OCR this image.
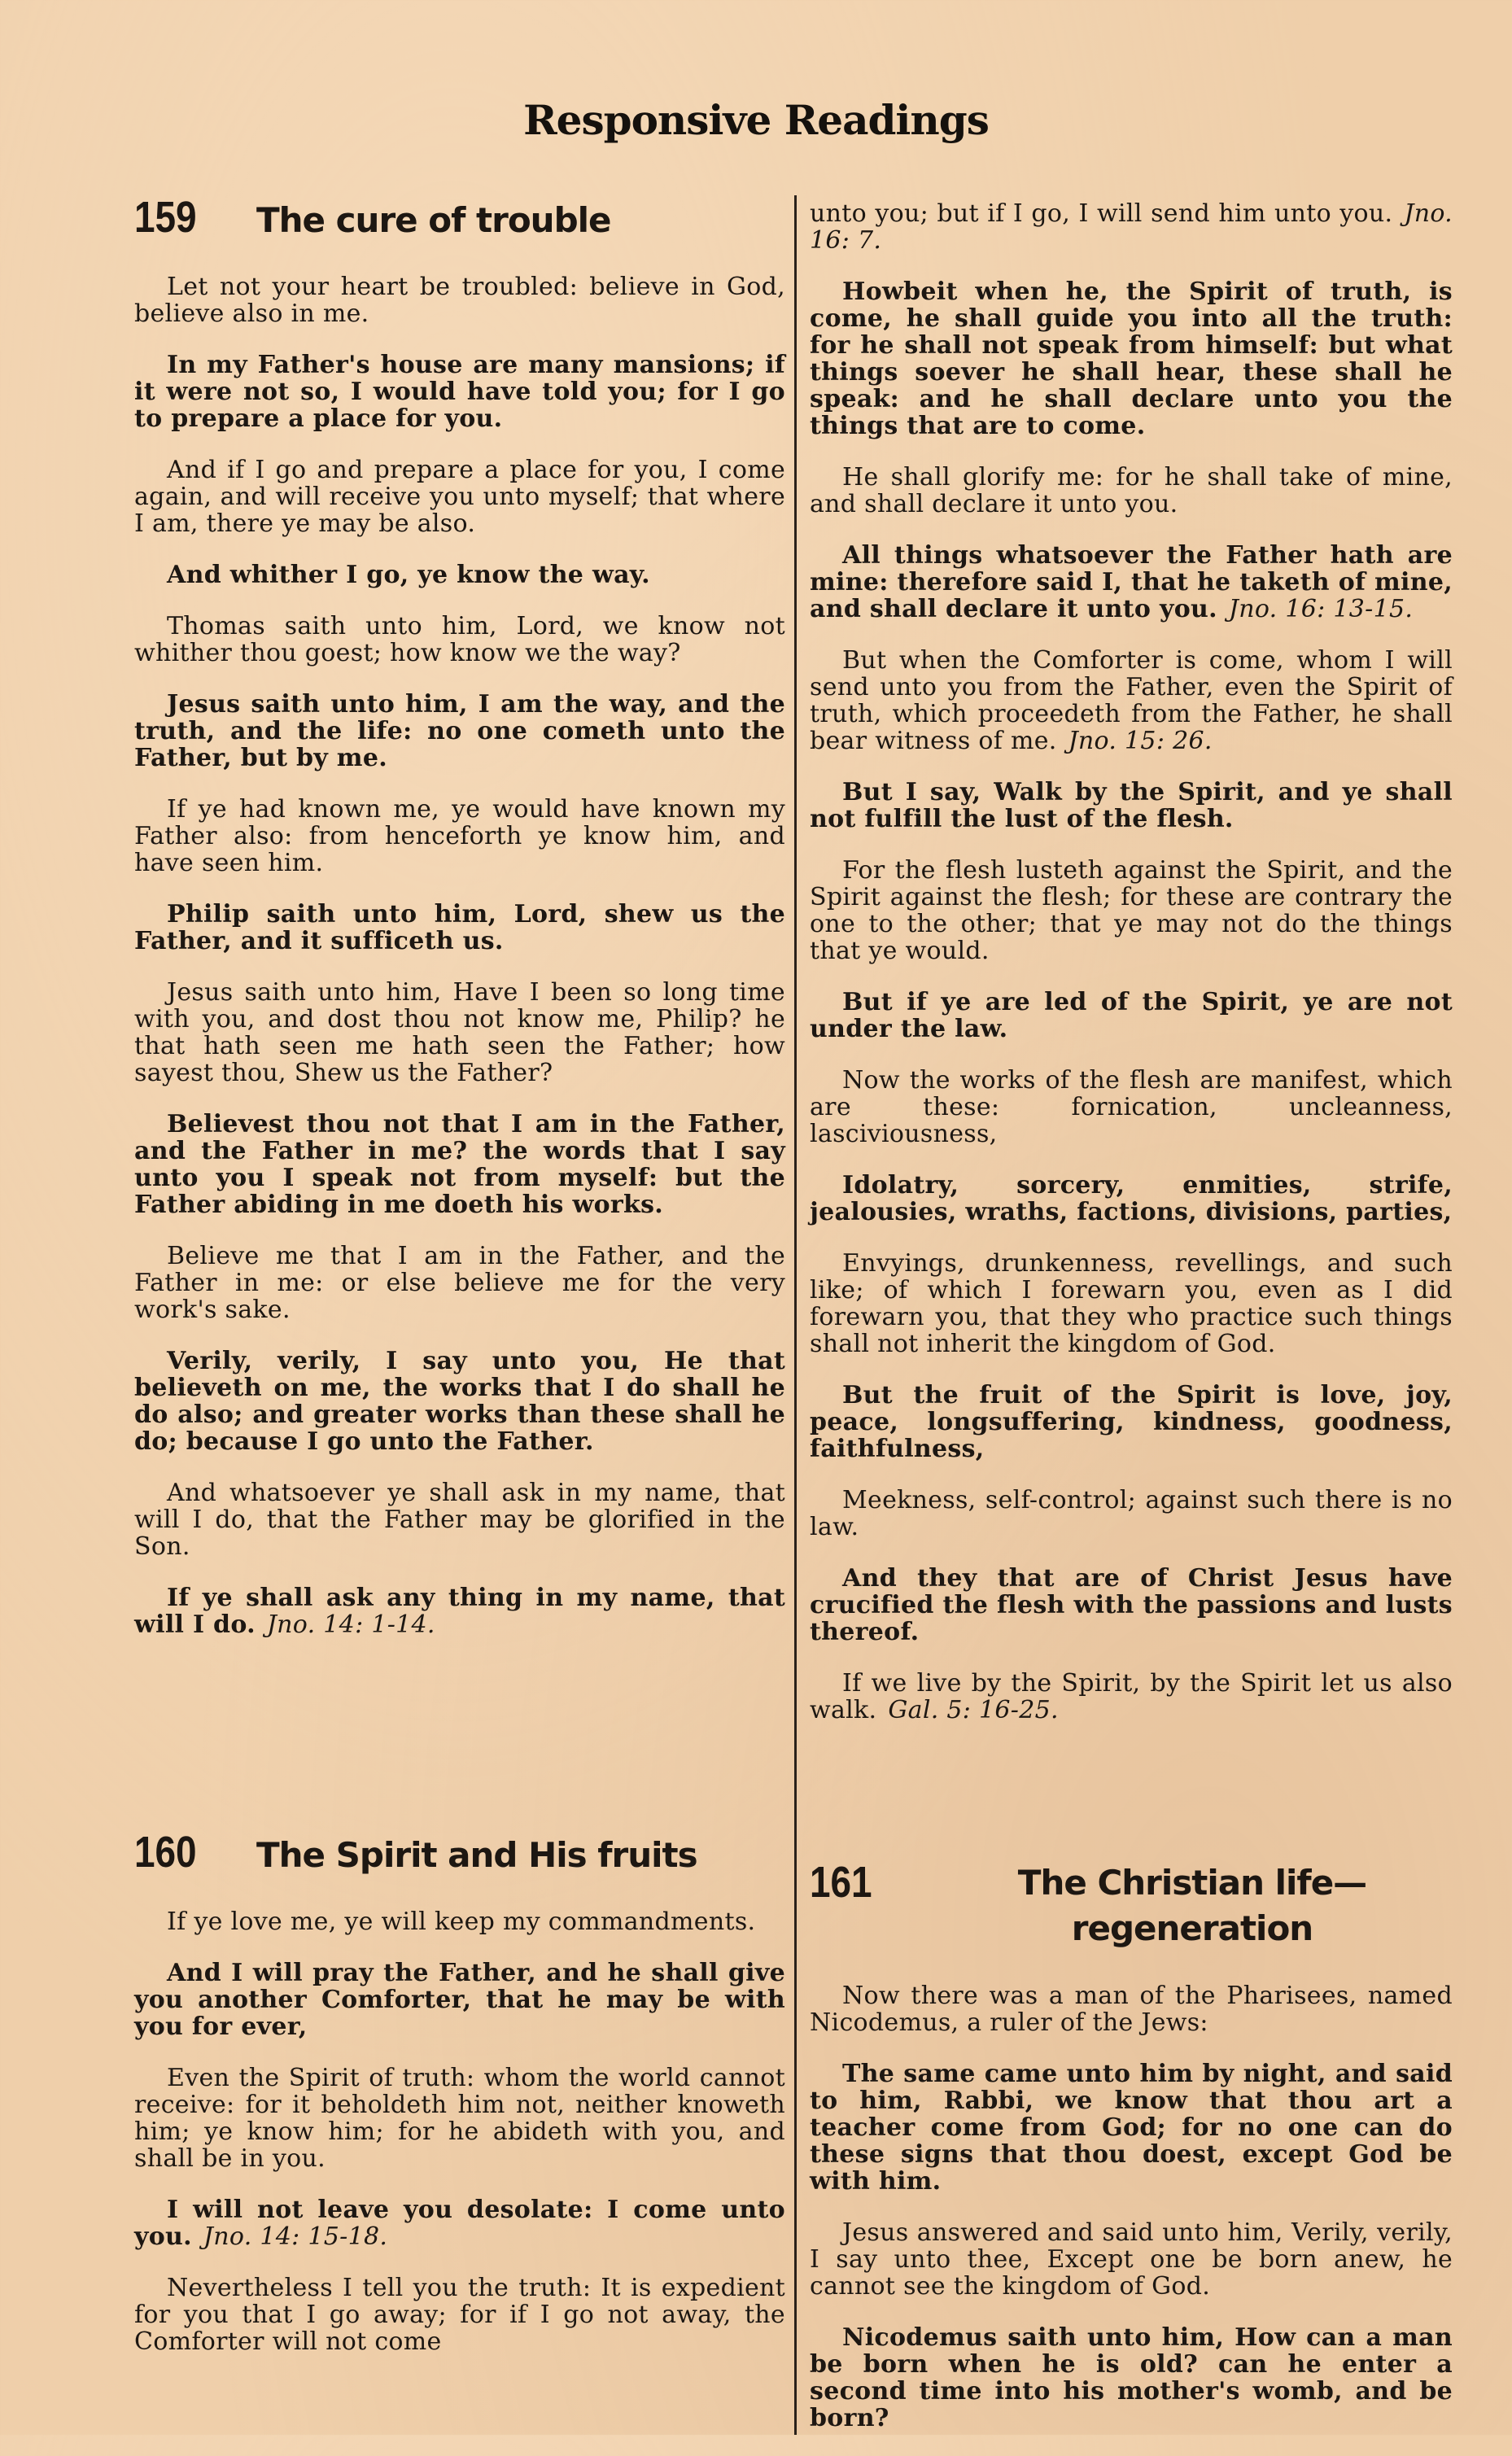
Responsive Readings
159	The cure of trouble

Let not your heart be troubled: believe in God, believe also in me.

In my Father's house are many mansions; if it were not so, I would have told you; for I go to prepare a place for you.

And if I go and prepare a place for you, I come again, and will receive you unto myself; that where I am, there ye may be also.

And whither I go, ye know the way.

Thomas saith unto him, Lord, we know not whither thou goest; how know we the way?

Jesus saith unto him, I am the way, and the truth, and the life: no one cometh unto the Father, but by me.

If ye had known me, ye would have known my Father also: from henceforth ye know him, and have seen him.

Philip saith unto him, Lord, shew us the Father, and it sufficeth us.

Jesus saith unto him, Have I been so long time with you, and dost thou not know me, Philip? he that hath seen me hath seen the Father; how sayest thou, Shew us the Father?

Believest thou not that I am in the Father, and the Father in me? the words that I say unto you I speak not from myself: but the Father abiding in me doeth his works.

Believe me that I am in the Father, and the Father in me: or else believe me for the very work's sake.

Verily, verily, I say unto you, He that believeth on me, the works that I do shall he do also; and greater works than these shall he do; because I go unto the Father.

And whatsoever ye shall ask in my name, that will I do, that the Father may be glorified in the Son.

If ye shall ask any thing in my name, that will I do. Jno. 14: 1-14.

160	The Spirit and His fruits

If ye love me, ye will keep my commandments.

And I will pray the Father, and he shall give you another Comforter, that he may be with you for ever,

Even the Spirit of truth: whom the world cannot receive: for it beholdeth him not, neither knoweth him; ye know him; for he abideth with you, and shall be in you.

I will not leave you desolate: I come unto you. Jno. 14: 15-18.

Nevertheless I tell you the truth: It is expedient for you that I go away; for if I go not away, the Comforter will not come

unto you; but if I go, I will send him unto you. Jno. 16: 7.

Howbeit when he, the Spirit of truth, is come, he shall guide you into all the truth: for he shall not speak from himself: but what things soever he shall hear, these shall he speak: and he shall declare unto you the things that are to come.

He shall glorify me: for he shall take of mine, and shall declare it unto you.

All things whatsoever the Father hath are mine: therefore said I, that he taketh of mine, and shall declare it unto you. Jno. 16: 13-15.

But when the Comforter is come, whom I will send unto you from the Father, even the Spirit of truth, which proceedeth from the Father, he shall bear witness of me. Jno. 15: 26.

But I say, Walk by the Spirit, and ye shall not fulfill the lust of the flesh.

For the flesh lusteth against the Spirit, and the Spirit against the flesh; for these are contrary the one to the other; that ye may not do the things that ye would.

But if ye are led of the Spirit, ye are not under the law.

Now the works of the flesh are manifest, which are these: fornication, uncleanness, lasciviousness,

Idolatry, sorcery, enmities, strife, jealousies, wraths, factions, divisions, parties,

Envyings, drunkenness, revellings, and such like; of which I forewarn you, even as I did forewarn you, that they who practice such things shall not inherit the kingdom of God.

But the fruit of the Spirit is love, joy, peace, longsuffering, kindness, goodness, faithfulness,

Meekness, self-control; against such there is no law.

And they that are of Christ Jesus have crucified the flesh with the passions and lusts thereof.

If we live by the Spirit, by the Spirit let us also walk. Gal. 5: 16-25.

161	The Christian life— regeneration

Now there was a man of the Pharisees, named Nicodemus, a ruler of the Jews:

The same came unto him by night, and said to him, Rabbi, we know that thou art a teacher come from God; for no one can do these signs that thou doest, except God be with him.

Jesus answered and said unto him, Verily, verily, I say unto thee, Except one be born anew, he cannot see the kingdom of God.

Nicodemus saith unto him, How can a man be born when he is old? can he enter a second time into his mother's womb, and be born?
